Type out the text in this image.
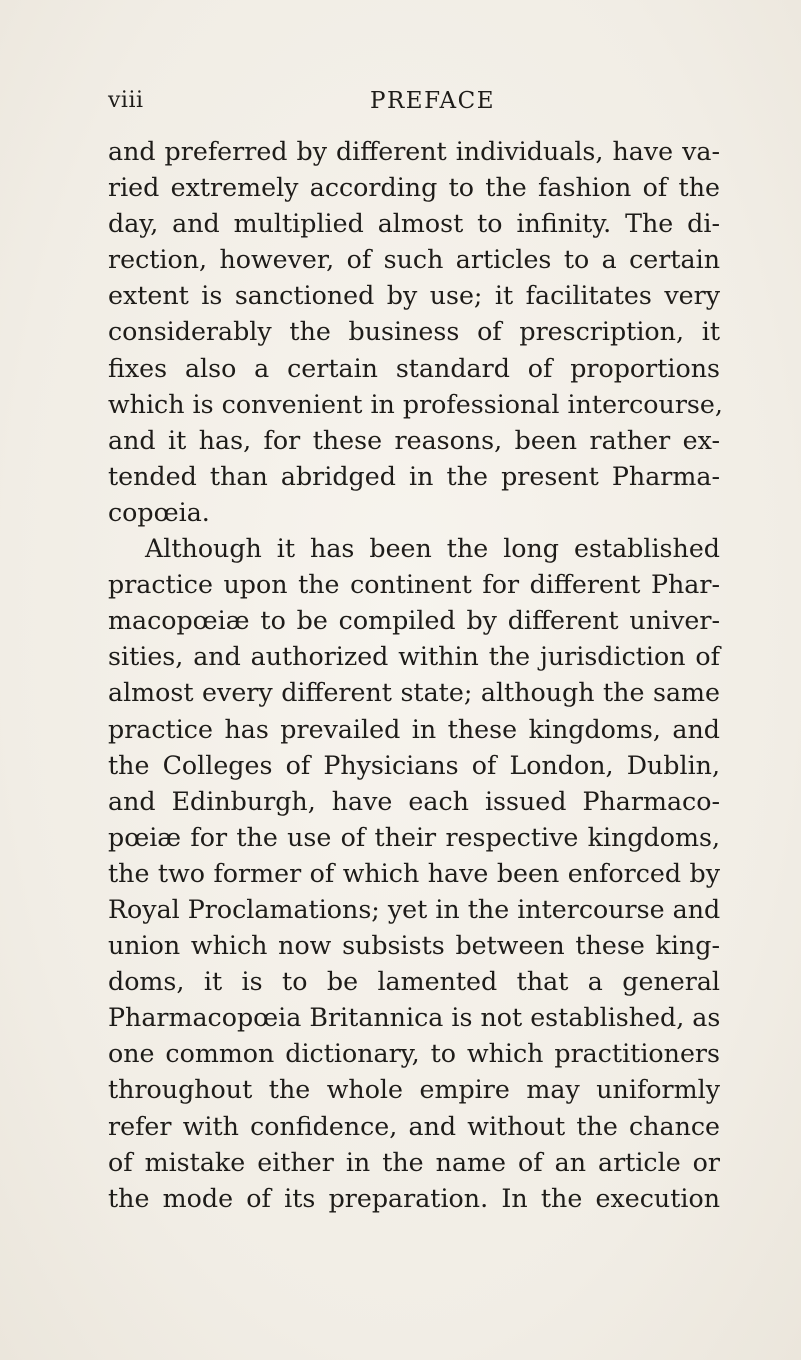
viii	PREFACE
and preferred by different individuals, have va-
ried extremely according to the fashion of the
day, and multiplied almost to infinity. The di-
rection, however, of such articles to a certain
extent is sanctioned by use; it facilitates very
considerably the business of prescription, it
fixes also a certain standard of proportions
which is convenient in professional intercourse,
and it has, for these reasons, been rather ex-
tended than abridged in the present Pharma-
copœia.
Although it has been the long established
practice upon the continent for different Phar-
macopœiæ to be compiled by different univer-
sities, and authorized within the jurisdiction of
almost every different state; although the same
practice has prevailed in these kingdoms, and
the Colleges of Physicians of London, Dublin,
and Edinburgh, have each issued Pharmaco-
pœiæ for the use of their respective kingdoms,
the two former of which have been enforced by
Royal Proclamations; yet in the intercourse and
union which now subsists between these king-
doms, it is to be lamented that a general
Pharmacopœia Britannica is not established, as
one common dictionary, to which practitioners
throughout the whole empire may uniformly
refer with confidence, and without the chance
of mistake either in the name of an article or
the mode of its preparation. In the execution
